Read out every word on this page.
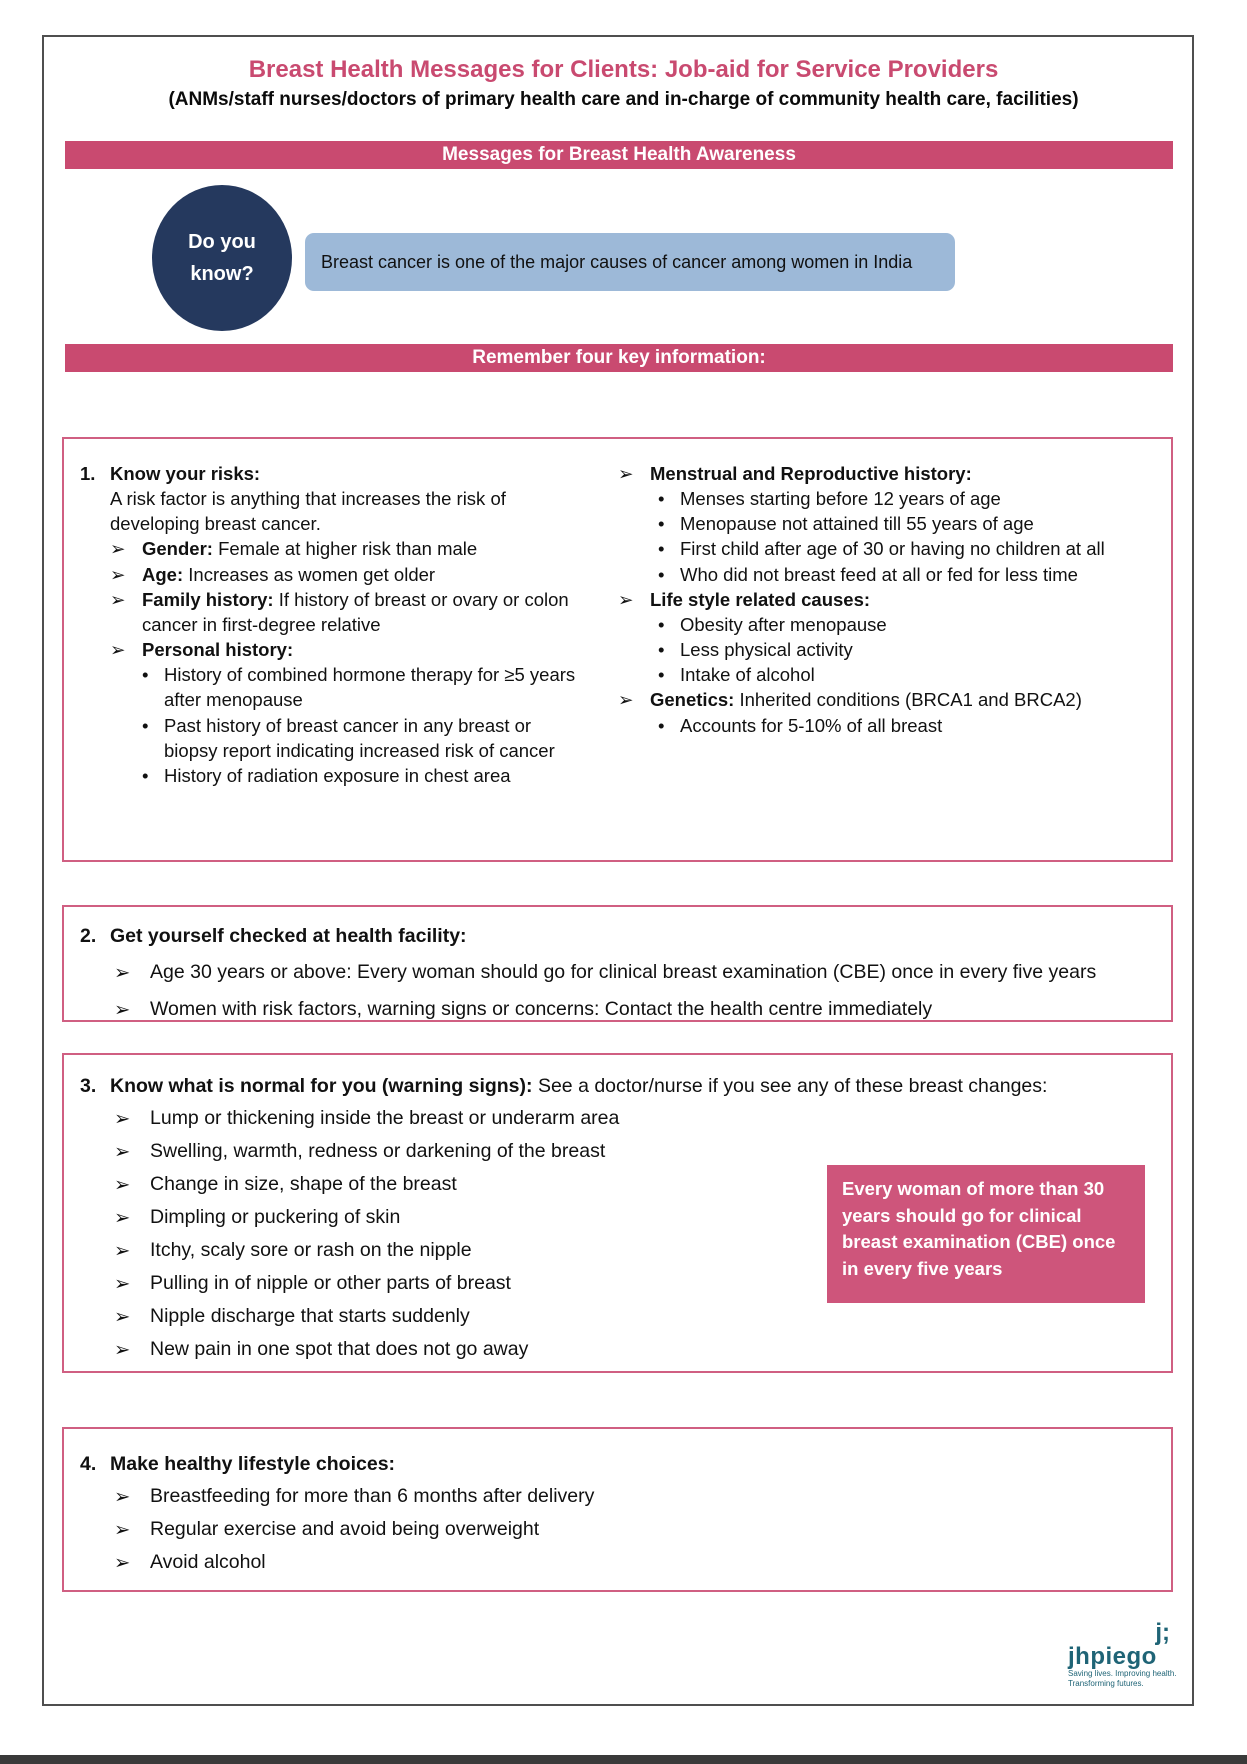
Breast Health Messages for Clients: Job-aid for Service Providers
(ANMs/staff nurses/doctors of primary health care and in-charge of community health care, facilities)
Messages for Breast Health Awareness
Do you
know?
Breast cancer is one of the major causes of cancer among women in India
Remember four key information:
1. Know your risks:
A risk factor is anything that increases the risk of developing breast cancer.
➢ Gender: Female at higher risk than male
➢ Age: Increases as women get older
➢ Family history: If history of breast or ovary or colon cancer in first-degree relative
➢ Personal history:
• History of combined hormone therapy for ≥5 years after menopause
• Past history of breast cancer in any breast or biopsy report indicating increased risk of cancer
• History of radiation exposure in chest area
➢ Menstrual and Reproductive history:
• Menses starting before 12 years of age
• Menopause not attained till 55 years of age
• First child after age of 30 or having no children at all
• Who did not breast feed at all or fed for less time
➢ Life style related causes:
• Obesity after menopause
• Less physical activity
• Intake of alcohol
➢ Genetics: Inherited conditions (BRCA1 and BRCA2)
• Accounts for 5-10% of all breast
2. Get yourself checked at health facility:
➢	Age 30 years or above: Every woman should go for clinical breast examination (CBE) once in every five years
➢	Women with risk factors, warning signs or concerns: Contact the health centre immediately
3. Know what is normal for you (warning signs): See a doctor/nurse if you see any of these breast changes:
➢	Lump or thickening inside the breast or underarm area
➢	Swelling, warmth, redness or darkening of the breast
➢	Change in size, shape of the breast
➢	Dimpling or puckering of skin
➢	Itchy, scaly sore or rash on the nipple
➢	Pulling in of nipple or other parts of breast
➢	Nipple discharge that starts suddenly
➢	New pain in one spot that does not go away
Every woman of more than 30 years should go for clinical breast examination (CBE) once in every five years
4. Make healthy lifestyle choices:
➢	Breastfeeding for more than 6 months after delivery
➢	Regular exercise and avoid being overweight
➢	Avoid alcohol
j;
jhpiego
Saving lives. Improving health.
Transforming futures.
